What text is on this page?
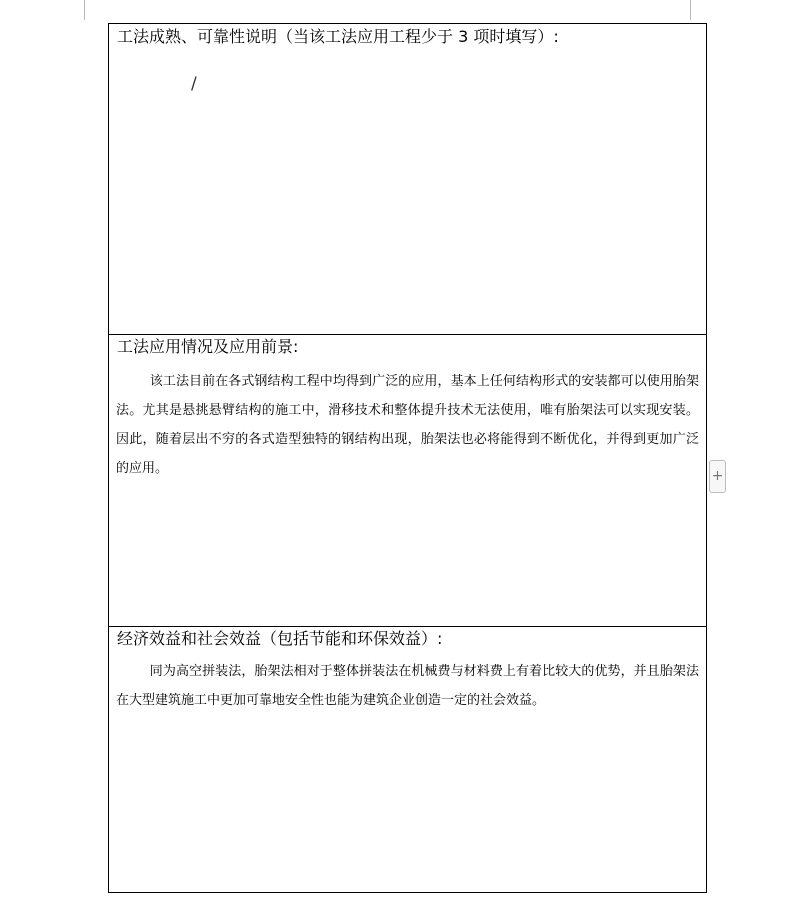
工法成熟、可靠性说明（当该工法应用工程少于 3 项时填写）:
/
工法应用情况及应用前景:
该工法目前在各式钢结构工程中均得到广泛的应用，基本上任何结构形式的安装都可以使用胎架法。尤其是悬挑悬臂结构的施工中，滑移技术和整体提升技术无法使用，唯有胎架法可以实现安装。因此，随着层出不穷的各式造型独特的钢结构出现，胎架法也必将能得到不断优化，并得到更加广泛的应用。
经济效益和社会效益（包括节能和环保效益）:
同为高空拼装法，胎架法相对于整体拼装法在机械费与材料费上有着比较大的优势，并且胎架法在大型建筑施工中更加可靠地安全性也能为建筑企业创造一定的社会效益。
+
